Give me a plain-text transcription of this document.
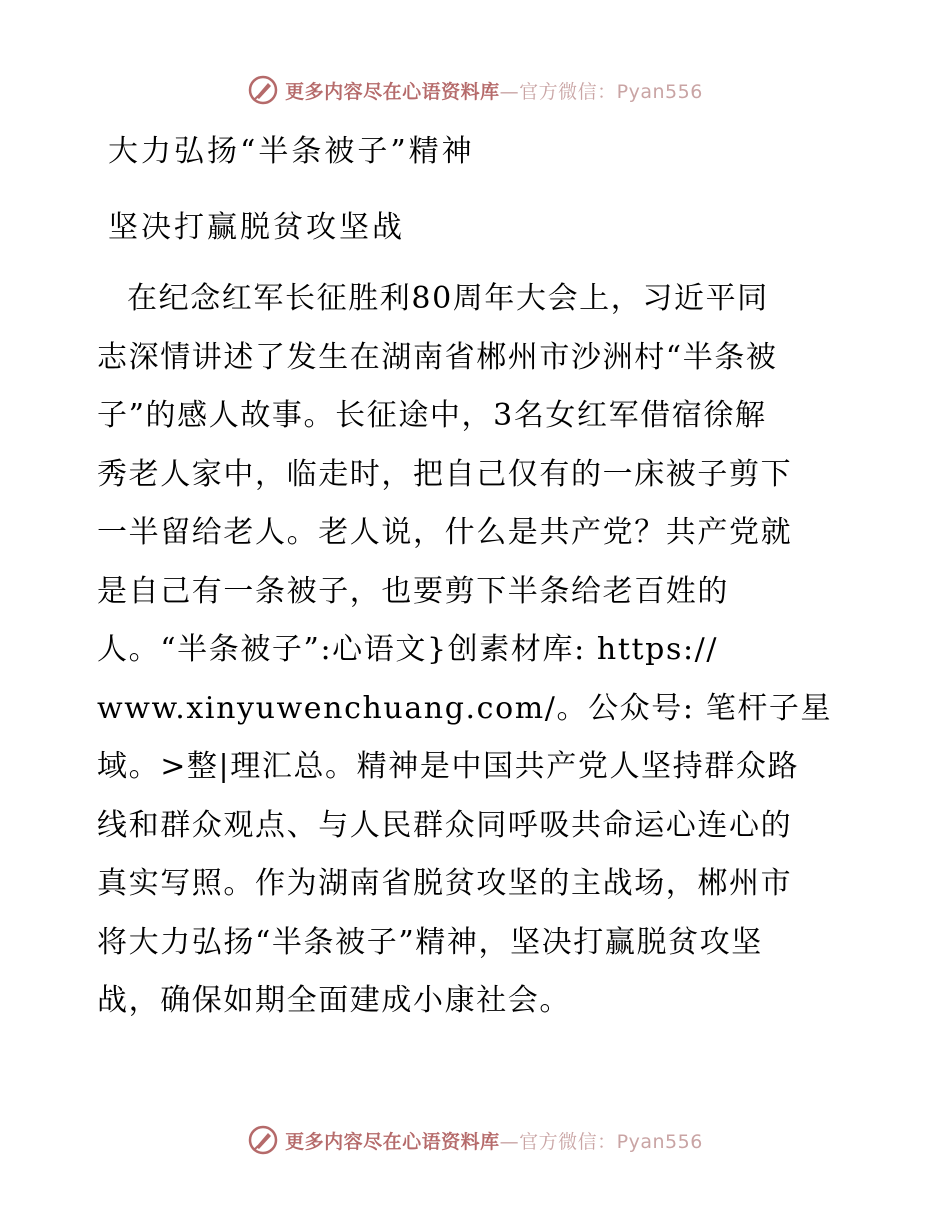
更多内容尽在心语资料库—官方微信：Pyan556
大力弘扬“半条被子”精神
坚决打赢脱贫攻坚战
在纪念红军长征胜利80周年大会上，习近平同
志深情讲述了发生在湖南省郴州市沙洲村“半条被
子”的感人故事。长征途中，3名女红军借宿徐解
秀老人家中，临走时，把自己仅有的一床被子剪下
一半留给老人。老人说，什么是共产党？共产党就
是自己有一条被子，也要剪下半条给老百姓的
人。“半条被子”:心语文}创素材库: https://
www.xinyuwenchuang.com/。公众号: 笔杆子星
域。>整|理汇总。精神是中国共产党人坚持群众路
线和群众观点、与人民群众同呼吸共命运心连心的
真实写照。作为湖南省脱贫攻坚的主战场，郴州市
将大力弘扬“半条被子”精神，坚决打赢脱贫攻坚
战，确保如期全面建成小康社会。
更多内容尽在心语资料库—官方微信：Pyan556
